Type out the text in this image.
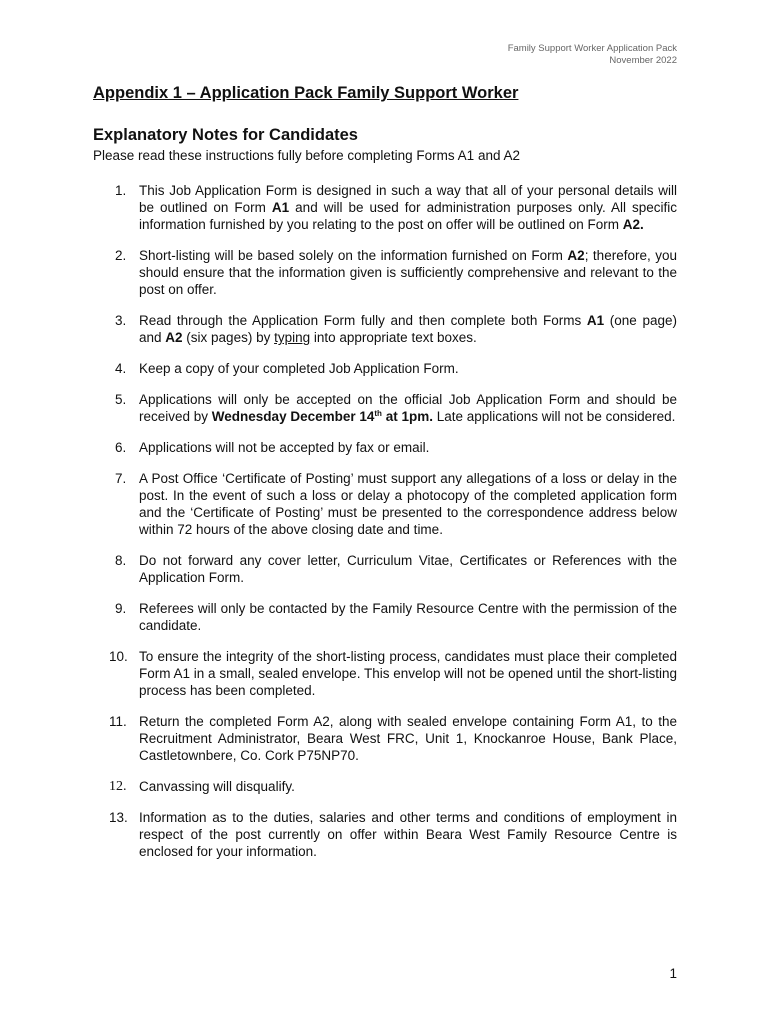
Family Support Worker Application Pack
November 2022
Appendix 1 – Application Pack Family Support Worker
Explanatory Notes for Candidates

Please read these instructions fully before completing Forms A1 and A2

1. This Job Application Form is designed in such a way that all of your personal details will be outlined on Form A1 and will be used for administration purposes only. All specific information furnished by you relating to the post on offer will be outlined on Form A2.
2. Short-listing will be based solely on the information furnished on Form A2; therefore, you should ensure that the information given is sufficiently comprehensive and relevant to the post on offer.
3. Read through the Application Form fully and then complete both Forms A1 (one page) and A2 (six pages) by typing into appropriate text boxes.
4. Keep a copy of your completed Job Application Form.
5. Applications will only be accepted on the official Job Application Form and should be received by Wednesday December 14th at 1pm. Late applications will not be considered.
6. Applications will not be accepted by fax or email.
7. A Post Office ‘Certificate of Posting’ must support any allegations of a loss or delay in the post. In the event of such a loss or delay a photocopy of the completed application form and the ‘Certificate of Posting’ must be presented to the correspondence address below within 72 hours of the above closing date and time.
8. Do not forward any cover letter, Curriculum Vitae, Certificates or References with the Application Form.
9. Referees will only be contacted by the Family Resource Centre with the permission of the candidate.
10. To ensure the integrity of the short-listing process, candidates must place their completed Form A1 in a small, sealed envelope. This envelop will not be opened until the short-listing process has been completed.
11. Return the completed Form A2, along with sealed envelope containing Form A1, to the Recruitment Administrator, Beara West FRC, Unit 1, Knockanroe House, Bank Place, Castletownbere, Co. Cork P75NP70.
12. Canvassing will disqualify.
13. Information as to the duties, salaries and other terms and conditions of employment in respect of the post currently on offer within Beara West Family Resource Centre is enclosed for your information.
1
